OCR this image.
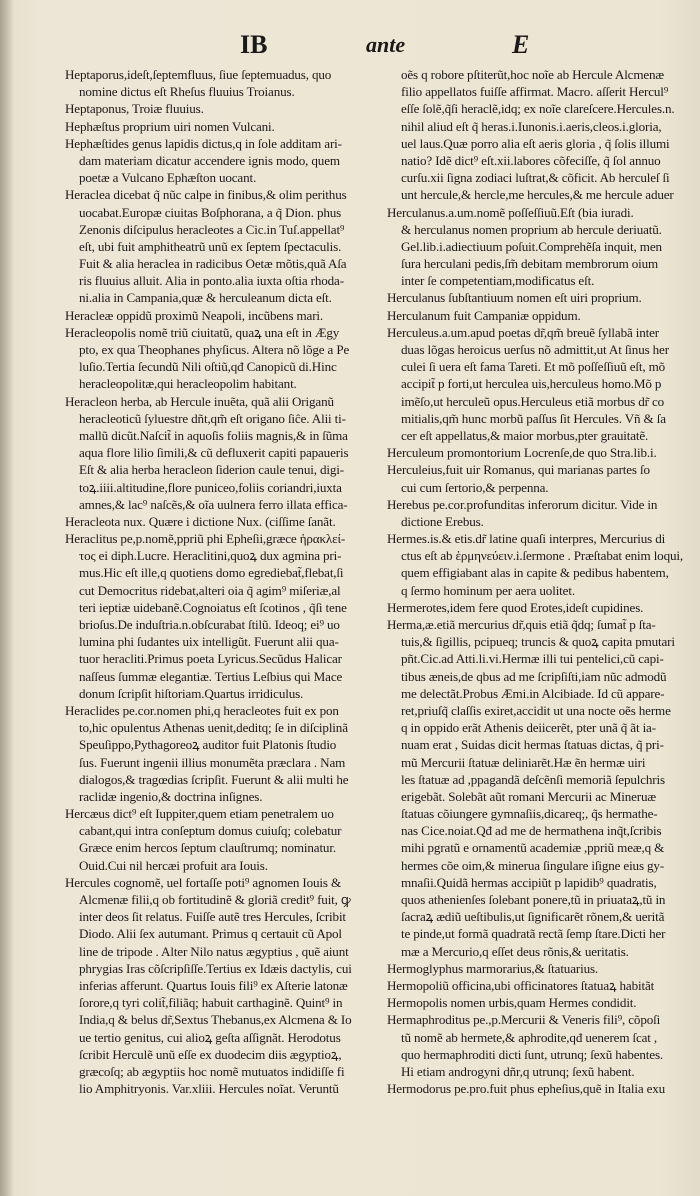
IB	ante	E
Heptaporus,ideſt,ſeptemfluus, ſiue ſeptemuadus, quo
nomine dictus eſt Rheſus fluuius Troianus.
Heptaponus, Troiæ fluuius.
Hephæſtus proprium uiri nomen Vulcani.
Hephæſtides genus lapidis dictus,q in ſole additam ari‑
dam materiam dicatur accendere ignis modo, quem
poetæ a Vulcano Ephæſton uocant.
Heraclea dicebat q̃ nũc calpe in finibus,& olim perithus
uocabat.Europæ ciuitas Boſphorana, a q̃ Dion. phus
Zenonis diſcipulus heracleotes a Cic.in Tuſ.appellat⁹
eſt, ubi fuit amphitheatrũ unũ ex ſeptem ſpectaculis.
Fuit & alia heraclea in radicibus Oetæ mõtis,quã Aſa
ris fluuius alluit. Alia in ponto.alia iuxta oſtia rhoda‑
ni.alia in Campania,quæ & herculeanum dicta eſt.
Heracleæ oppidũ proximũ Neapoli, incũbens mari.
Heracleopolis nomẽ triũ ciuitatũ, quaꝝ una eſt in Ægy
pto, ex qua Theophanes phyſicus. Altera nõ lõge a Pe
luſio.Tertia ſecundũ Nili oſtiũ,qđ Canopicũ di.Hinc
heracleopolitæ,qui heracleopolim habitant.
Heracleon herba, ab Hercule inuẽta, quã alii Origanũ
heracleoticũ ſyluestre dñt,qm̃ eſt origano ſiĉe. Alii ti‑
mallũ dicũt.Naſcit̃ in aquoſis foliis magnis,& in ſũma
aqua flore lilio ſimili,& cũ defluxerit capiti papaueris
Eſt & alia herba heracleon ſiderion caule tenui, digi‑
toꝝ.iiii.altitudine,flore puniceo,foliis coriandri,iuxta
amnes,& lac⁹ naſcẽs,& oĩa uulnera ferro illata effica‑
Heracleota nux. Quære i dictione Nux. (ciſſime ſanãt.
Heraclitus pe,p.nomẽ,ppriũ phi Epheſii,græce ἡρακλεί‑
τος ei diph.Lucre. Heraclitini,quoꝝ dux agmina pri‑
mus.Hic eſt ille,q quotiens domo egrediebat̃,flebat,ſi
cut Democritus ridebat,alteri oia q̃ agim⁹ miſeriæ,al
teri ieptiæ uidebanẽ.Cognoiatus eſt ſcotinos , q̃ſi tene
brioſus.De induſtria.n.obſcurabat ſtilũ. Ideoq; ei⁹ uo
lumina phi ſudantes uix intelligũt. Fuerunt alii qua‑
tuor heracliti.Primus poeta Lyricus.Secũdus Halicar
naſſeus ſummæ elegantiæ. Tertius Leſbius qui Mace
donum ſcripſit hiſtoriam.Quartus irridiculus.
Heraclides pe.cor.nomen phi,q heracleotes fuit ex pon
to,hic opulentus Athenas uenit,deditq; ſe in diſciplinã
Speuſippo,Pythagoreoꝝ auditor fuit Platonis ſtudio
ſus. Fuerunt ingenii illius monumẽta præclara . Nam
dialogos,& tragœdias ſcripſit. Fuerunt & alii multi he
raclidæ ingenio,& doctrina inſignes.
Hercæus dict⁹ eſt Iuppiter,quem etiam penetralem uo
cabant,qui intra conſeptum domus cuiuſq; colebatur
Græce enim hercos ſeptum clauſtrumq; nominatur.
Ouid.Cui nil hercæi profuit ara Iouis.
Hercules cognomẽ, uel fortaſſe poti⁹ agnomen Iouis &
Alcmenæ filii,q ob fortitudinẽ & gloriã credit⁹ fuit, ꝙ
inter deos ſit relatus. Fuiſſe autẽ tres Hercules, ſcribit
Diodo. Alii ſex autumant. Primus q certauit cũ Apol
line de tripode . Alter Nilo natus ægyptius , quẽ aiunt
phrygias Iras cõſcripſiſſe.Tertius ex Idæis dactylis, cui
inferias afferunt. Quartus Iouis fili⁹ ex Aſterie latonæ
ſorore,q tyri colit̃,filiãq; habuit carthaginẽ. Quint⁹ in
India,q & belus dr̃,Sextus Thebanus,ex Alcmena & Io
ue tertio genitus, cui alioꝝ geſta aſſignãt. Herodotus
ſcribit Herculẽ unũ eſſe ex duodecim diis ægyptioꝝ,
græcoſq; ab ægyptiis hoc nomẽ mutuatos indidiſſe fi
lio Amphitryonis. Var.xliii. Hercules noĩat. Veruntũ
oẽs q robore pſtiterũt,hoc noĩe ab Hercule Alcmenæ
filio appellatos fuiſſe affirmat. Macro. aſſerit Hercul⁹
eſſe ſolẽ,q̃ſi heraclẽ,idq; ex noĩe clareſcere.Hercules.n.
nihil aliud eſt q̃ heras.i.Iunonis.i.aeris,cleos.i.gloria,
uel laus.Quæ porro alia eſt aeris gloria , q̃ ſolis illumi
natio? Idẽ dict⁹ eſt.xii.labores cõfeciſſe, q̃ ſol annuo
curſu.xii ſigna zodiaci luſtrat,& cõficit. Ab herculeſ ſi
unt hercule,& hercle,me hercules,& me hercule aduer
Herculanus.a.um.nomẽ poſſeſſiuũ.Eſt (bia iuradi.
& herculanus nomen proprium ab hercule deriuatũ.
Gel.lib.i.adiectiuum poſuit.Comprehẽſa inquit, men
ſura herculani pedis,ſm̃ debitam membrorum oium
inter ſe competentiam,modificatus eſt.
Herculanus ſubſtantiuum nomen eſt uiri proprium.
Herculanum fuit Campaniæ oppidum.
Herculeus.a.um.apud poetas dr̃,qm̃ breuẽ ſyllabã inter
duas lõgas heroicus uerſus nõ admittit,ut At ſinus her
culei ſi uera eſt fama Tareti. Et mõ poſſeſſiuũ eſt, mõ
accipit̃ p forti,ut herculea uis,herculeus homo.Mõ p
imẽſo,ut herculeũ opus.Herculeus etiã morbus dr̃ co
mitialis,qm̃ hunc morbũ paſſus ſit Hercules. Vñ & ſa
cer eſt appellatus,& maior morbus,pter grauitatẽ.
Herculeum promontorium Locrenſe,de quo Stra.lib.i.
Herculeius,fuit uir Romanus, qui marianas partes ſo
cui cum ſertorio,& perpenna.
Herebus pe.cor.profunditas inferorum dicitur. Vide in
dictione Erebus.
Hermes.is.& etis.dr̃ latine quaſi interpres, Mercurius di
ctus eſt ab ἑρμηνεύειν.i.ſermone . Præſtabat enim loqui,
quem effigiabant alas in capite & pedibus habentem,
q ſermo hominum per aera uolitet.
Hermerotes,idem fere quod Erotes,ideſt cupidines.
Herma,æ.etiã mercurius dr̃,quis etiã q̃dq; ſumat̃ p ſta‑
tuis,& ſigillis, pcipueq; truncis & quoꝝ capita pmutari
pñt.Cic.ad Atti.li.vi.Hermæ illi tui pentelici,cũ capi‑
tibus æneis,de qbus ad me ſcripſiſti,iam nũc admodũ
me delectãt.Probus Æmi.in Alcibiade. Id cũ appare‑
ret,priuſq̃ claſſis exiret,accidit ut una nocte oẽs herme
q in oppido erãt Athenis deiicerẽt, pter unã q̃ ãt ia‑
nuam erat , Suidas dicit hermas ſtatuas dictas, q̃ pri‑
mũ Mercurii ſtatuæ deliniarẽt.Hæ ẽn hermæ uiri
les ſtatuæ ad ,ppagandã deſcẽnſi memoriã ſepulchris
erigebãt. Solebãt aũt romani Mercurii ac Mineruæ
ſtatuas cõiungere gymnaſiis,dicareq;, q̃s hermathe‑
nas Cice.noiat.Qđ ad me de hermathena inq̃t,ſcribis
mihi pgratũ e ornamentũ academiæ ,ppriũ meæ,q &
hermes cõe oim,& minerua ſingulare iſigne eius gy‑
mnaſii.Quidã hermas accipiũt p lapidib⁹ quadratis,
quos athenienſes ſolebant ponere,tũ in priuataꝝ,tũ in
ſacraꝝ ædiũ ueſtibulis,ut ſignificarẽt rõnem,& ueritã
te pinde,ut formã quadratã rectã ſemp ſtare.Dicti her
mæ a Mercurio,q eſſet deus rõnis,& ueritatis.
Hermoglyphus marmorarius,& ſtatuarius.
Hermopoliũ officina,ubi officinatores ſtatuaꝝ habitãt
Hermopolis nomen urbis,quam Hermes condidit.
Hermaphroditus pe.,p.Mercurii & Veneris fili⁹, cõpoſi
tũ nomẽ ab hermete,& aphrodite,qđ uenerem ſcat ,
quo hermaphroditi dicti ſunt, utrunq; ſexũ habentes.
Hi etiam androgyni dñr,q utrunq; ſexũ habent.
Hermodorus pe.pro.fuit phus epheſius,quẽ in Italia exu
